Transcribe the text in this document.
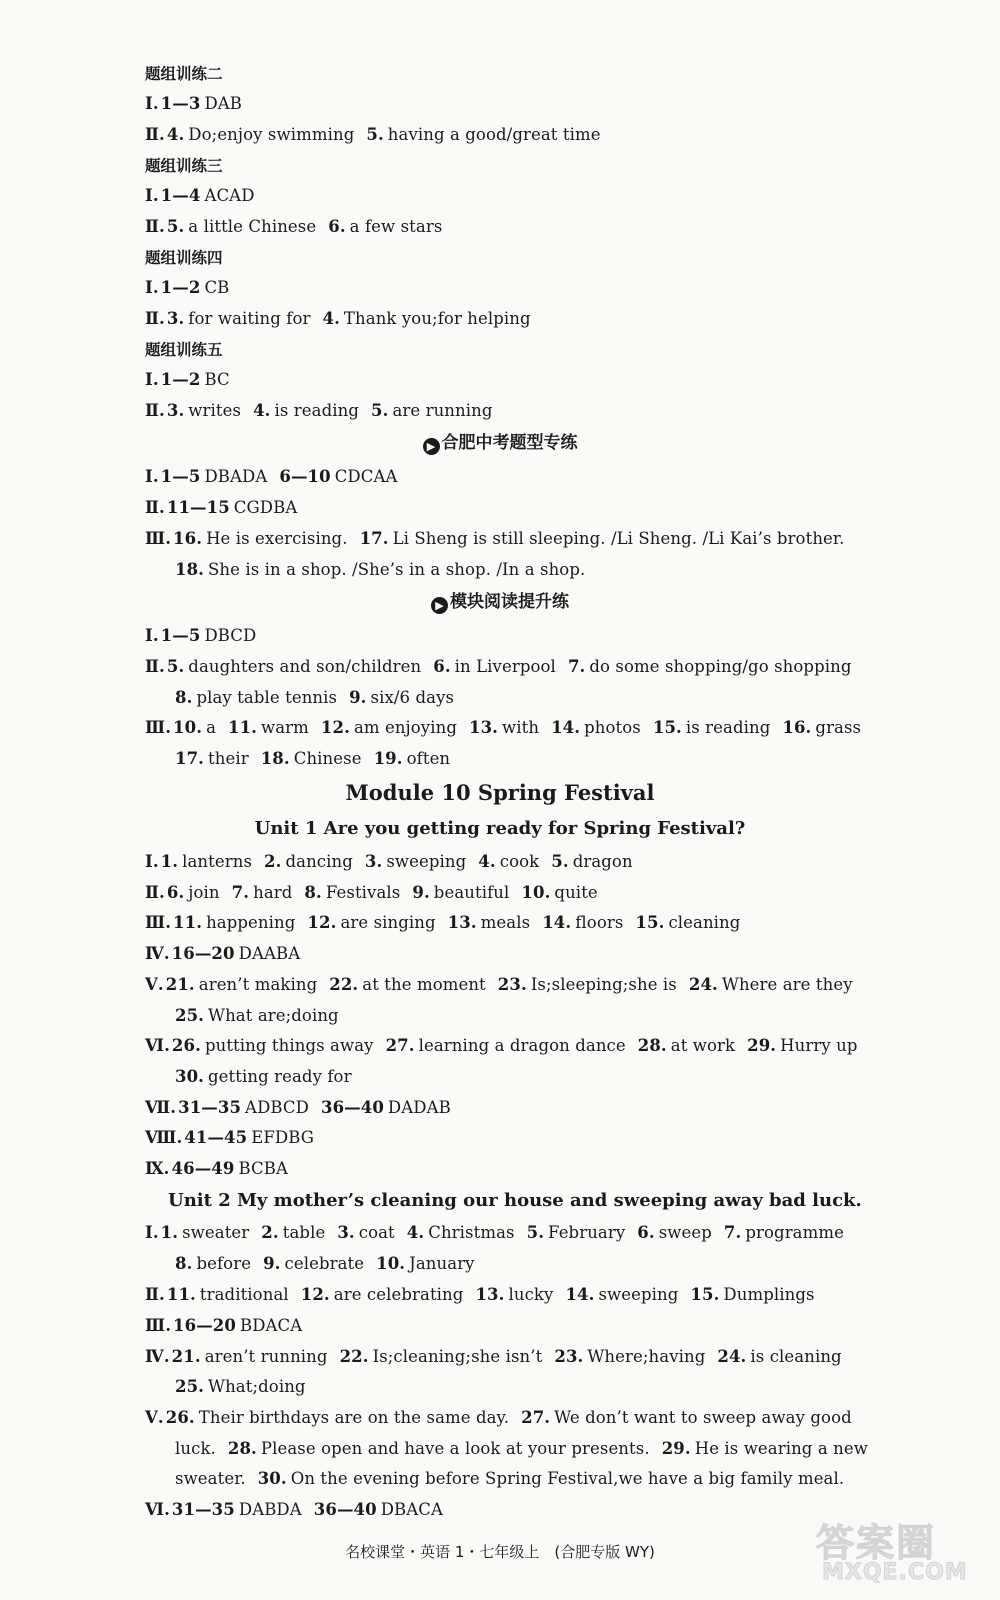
题组训练二
Ⅰ. 1—3 DAB
Ⅱ. 4. Do;enjoy swimming 5. having a good/great time
题组训练三
Ⅰ. 1—4 ACAD
Ⅱ. 5. a little Chinese 6. a few stars
题组训练四
Ⅰ. 1—2 CB
Ⅱ. 3. for waiting for 4. Thank you;for helping
题组训练五
Ⅰ. 1—2 BC
Ⅱ. 3. writes 4. is reading 5. are running
▶ 合肥中考题型专练
Ⅰ. 1—5 DBADA 6—10 CDCAA
Ⅱ. 11—15 CGDBA
Ⅲ. 16. He is exercising. 17. Li Sheng is still sleeping. /Li Sheng. /Li Kai’s brother.
18. She is in a shop. /She’s in a shop. /In a shop.
▶ 模块阅读提升练
Ⅰ. 1—5 DBCD
Ⅱ. 5. daughters and son/children 6. in Liverpool 7. do some shopping/go shopping
8. play table tennis 9. six/6 days
Ⅲ. 10. a 11. warm 12. am enjoying 13. with 14. photos 15. is reading 16. grass
17. their 18. Chinese 19. often
Module 10 Spring Festival
Unit 1 Are you getting ready for Spring Festival?
Ⅰ. 1. lanterns 2. dancing 3. sweeping 4. cook 5. dragon
Ⅱ. 6. join 7. hard 8. Festivals 9. beautiful 10. quite
Ⅲ. 11. happening 12. are singing 13. meals 14. floors 15. cleaning
Ⅳ. 16—20 DAABA
Ⅴ. 21. aren’t making 22. at the moment 23. Is;sleeping;she is 24. Where are they
25. What are;doing
Ⅵ. 26. putting things away 27. learning a dragon dance 28. at work 29. Hurry up
30. getting ready for
Ⅶ. 31—35 ADBCD 36—40 DADAB
Ⅷ. 41—45 EFDBG
Ⅸ. 46—49 BCBA
Unit 2 My mother’s cleaning our house and sweeping away bad luck.
Ⅰ. 1. sweater 2. table 3. coat 4. Christmas 5. February 6. sweep 7. programme
8. before 9. celebrate 10. January
Ⅱ. 11. traditional 12. are celebrating 13. lucky 14. sweeping 15. Dumplings
Ⅲ. 16—20 BDACA
Ⅳ. 21. aren’t running 22. Is;cleaning;she isn’t 23. Where;having 24. is cleaning
25. What;doing
Ⅴ. 26. Their birthdays are on the same day. 27. We don’t want to sweep away good
luck. 28. Please open and have a look at your presents. 29. He is wearing a new
sweater. 30. On the evening before Spring Festival,we have a big family meal.
Ⅵ. 31—35 DABDA 36—40 DBACA
名校课堂・英语 1・七年级上　(合肥专版 WY)	答案圈
MXQE.COM
